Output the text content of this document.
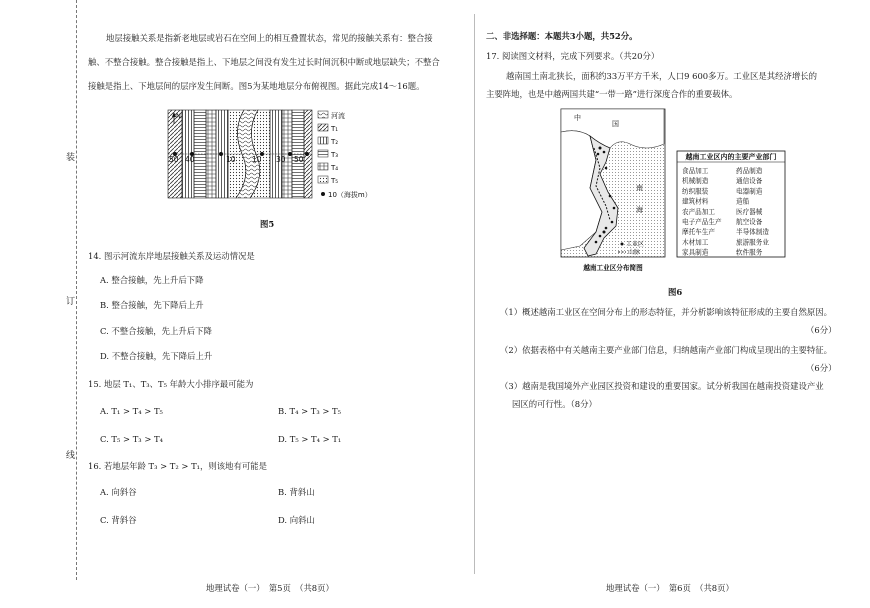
装
订
线
地层接触关系是指新老地层或岩石在空间上的相互叠置状态，常见的接触关系有：整合接
触、不整合接触。整合接触是指上、下地层之间没有发生过长时间沉积中断或地层缺失；不整合
接触是指上、下地层间的层序发生间断。图5为某地地层分布俯视图。据此完成14～16题。
50 40	10 10 30 50
N	河流
T₁
T₂
T₃
T₄
T₅
10（海拔m）
图5
14. 图示河流东岸地层接触关系及运动情况是
A. 整合接触，先上升后下降
B. 整合接触，先下降后上升
C. 不整合接触，先上升后下降
D. 不整合接触，先下降后上升
15. 地层 T₁、T₃、T₅ 年龄大小排序最可能为
A. T₁ > T₄ > T₅	B. T₄ > T₃ > T₅
C. T₅ > T₃ > T₄	D. T₅ > T₄ > T₁
16. 若地层年龄 T₃ > T₂ > T₁，则该地有可能是
A. 向斜谷	B. 背斜山
C. 背斜谷	D. 向斜山
地理试卷（一）　第5页　（共8页）
二、非选择题：本题共3小题，共52分。
17. 阅读图文材料，完成下列要求。（共20分）
越南国土南北狭长，面积约33万平方千米，人口9 600多万。工业区是其经济增长的
主要阵地，也是中越两国共建“一带一路”进行深度合作的重要载体。
中
国
南
海
工业区
山脉
越南工业区分布简图
越南工业区内的主要产业部门
食品加工	药品制造
机械制造	通信设备
纺织服装	电器制造
建筑材料	造船
农产品加工	医疗器械
电子产品生产 航空设备
摩托车生产	半导体制造
木材加工	旅游服务业
家具制造	软件服务
图6
（1）概述越南工业区在空间分布上的形态特征，并分析影响该特征形成的主要自然原因。
（6分）
（2）依据表格中有关越南主要产业部门信息，归纳越南产业部门构成呈现出的主要特征。
（6分）
（3）越南是我国境外产业园区投资和建设的重要国家。试分析我国在越南投资建设产业
园区的可行性。（8分）
地理试卷（一）　第6页　（共8页）
